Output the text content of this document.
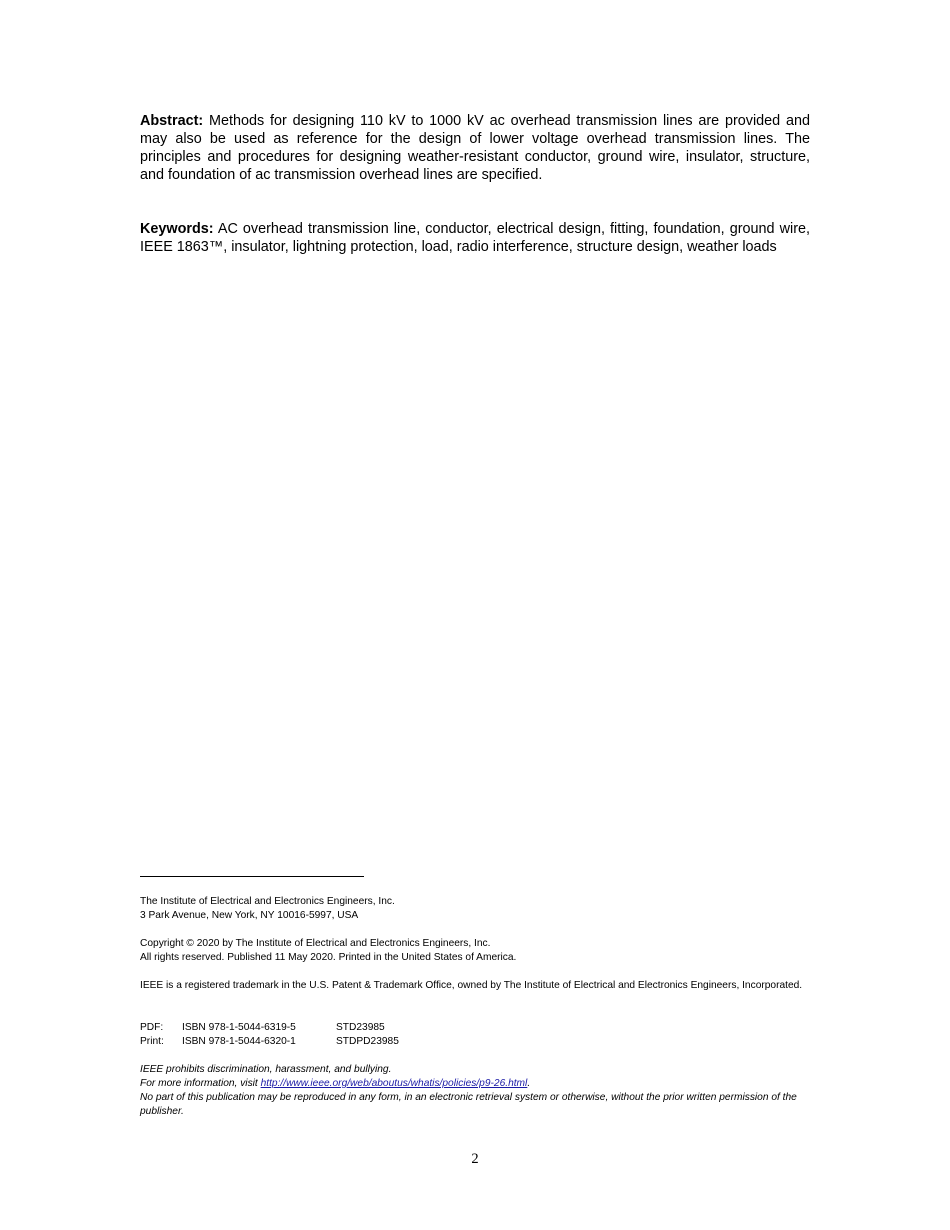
Abstract: Methods for designing 110 kV to 1000 kV ac overhead transmission lines are provided and may also be used as reference for the design of lower voltage overhead transmission lines. The principles and procedures for designing weather-resistant conductor, ground wire, insulator, structure, and foundation of ac transmission overhead lines are specified.

Keywords: AC overhead transmission line, conductor, electrical design, fitting, foundation, ground wire, IEEE 1863™, insulator, lightning protection, load, radio interference, structure design, weather loads

The Institute of Electrical and Electronics Engineers, Inc.
3 Park Avenue, New York, NY 10016-5997, USA
Copyright © 2020 by The Institute of Electrical and Electronics Engineers, Inc.
All rights reserved. Published 11 May 2020. Printed in the United States of America.
IEEE is a registered trademark in the U.S. Patent & Trademark Office, owned by The Institute of Electrical and Electronics Engineers, Incorporated.
PDF:	ISBN 978-1-5044-6319-5	STD23985
Print:	ISBN 978-1-5044-6320-1	STDPD23985
IEEE prohibits discrimination, harassment, and bullying.
For more information, visit http://www.ieee.org/web/aboutus/whatis/policies/p9-26.html.
No part of this publication may be reproduced in any form, in an electronic retrieval system or otherwise, without the prior written permission of the publisher.
2
